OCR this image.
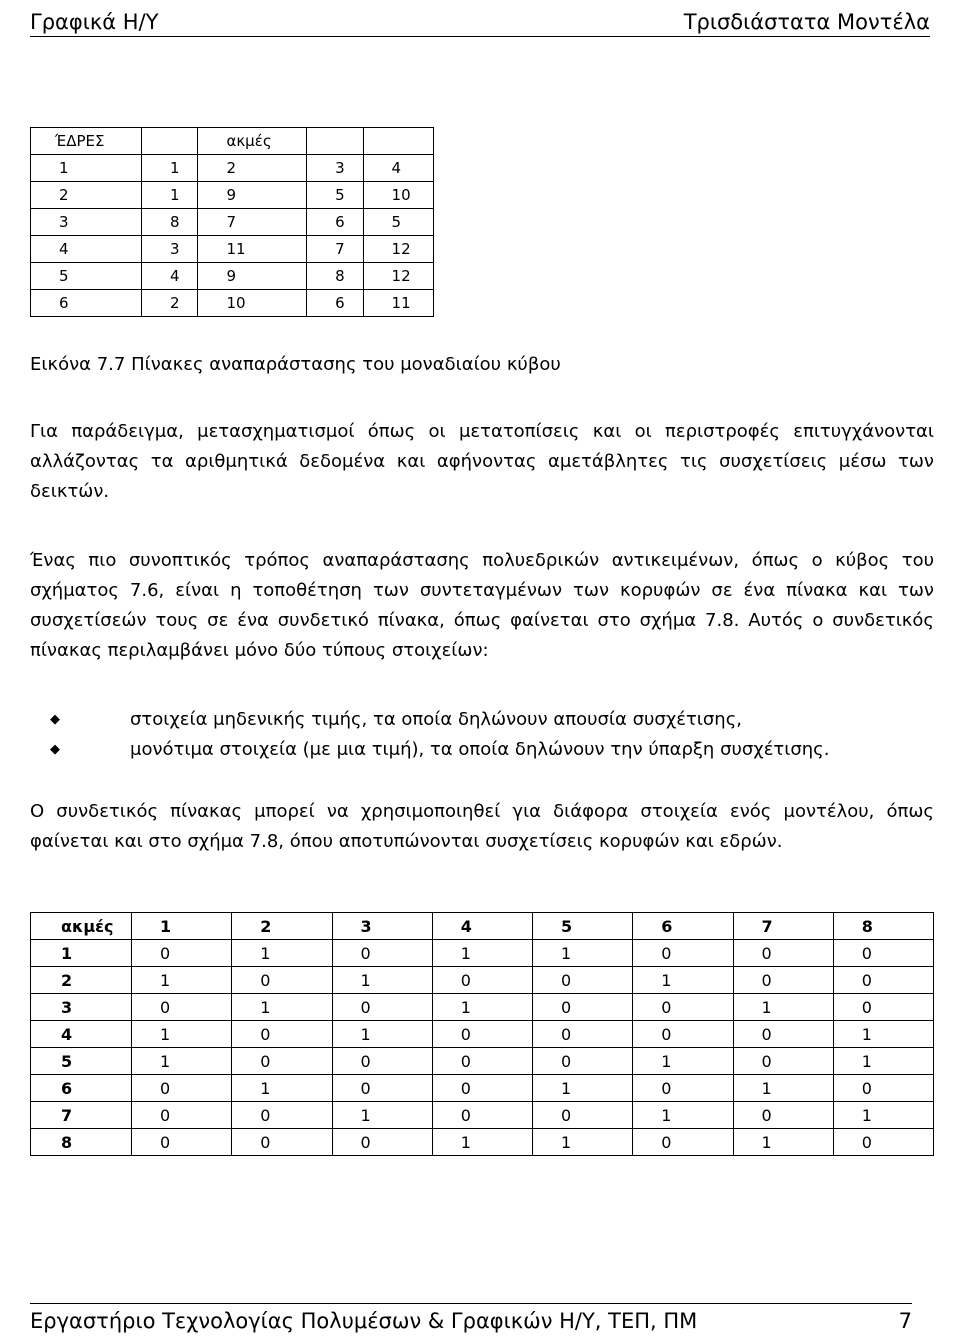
Γραφικά Η/Υ	Τρισδιάστατα Μοντέλα
ΈΔΡΕΣ		ακμές		
1	1	2	3	4
2	1	9	5	10
3	8	7	6	5
4	3	11	7	12
5	4	9	8	12
6	2	10	6	11
Εικόνα 7.7 Πίνακες αναπαράστασης του μοναδιαίου κύβου
Για παράδειγμα, μετασχηματισμοί όπως οι μετατοπίσεις και οι περιστροφές επιτυγχάνονται αλλάζοντας τα αριθμητικά δεδομένα και αφήνοντας αμετάβλητες τις συσχετίσεις μέσω των δεικτών.
Ένας πιο συνοπτικός τρόπος αναπαράστασης πολυεδρικών αντικειμένων, όπως ο κύβος του σχήματος 7.6, είναι η τοποθέτηση των συντεταγμένων των κορυφών σε ένα πίνακα και των συσχετίσεών τους σε ένα συνδετικό πίνακα, όπως φαίνεται στο σχήμα 7.8. Αυτός ο συνδετικός πίνακας περιλαμβάνει μόνο δύο τύπους στοιχείων:
◆	στοιχεία μηδενικής τιμής, τα οποία δηλώνουν απουσία συσχέτισης,
◆	μονότιμα στοιχεία (με μια τιμή), τα οποία δηλώνουν την ύπαρξη συσχέτισης.
Ο συνδετικός πίνακας μπορεί να χρησιμοποιηθεί για διάφορα στοιχεία ενός μοντέλου, όπως φαίνεται και στο σχήμα 7.8, όπου αποτυπώνονται συσχετίσεις κορυφών και εδρών.
ακμές	1	2	3	4	5	6	7	8
1	0	1	0	1	1	0	0	0
2	1	0	1	0	0	1	0	0
3	0	1	0	1	0	0	1	0
4	1	0	1	0	0	0	0	1
5	1	0	0	0	0	1	0	1
6	0	1	0	0	1	0	1	0
7	0	0	1	0	0	1	0	1
8	0	0	0	1	1	0	1	0
Εργαστήριο Τεχνολογίας Πολυμέσων & Γραφικών Η/Υ, ΤΕΠ, ΠΜ	7
